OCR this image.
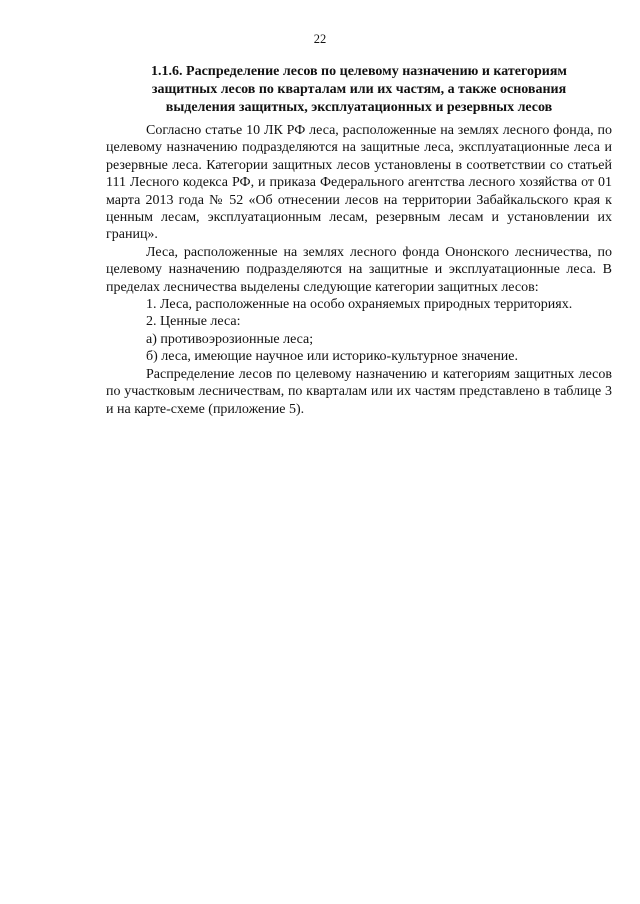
22
1.1.6. Распределение лесов по целевому назначению и категориям
защитных лесов по кварталам или их частям, а также основания
выделения защитных, эксплуатационных и резервных лесов

Согласно статье 10 ЛК РФ леса, расположенные на землях лесного фонда, по целевому назначению подразделяются на защитные леса, эксплуатационные леса и резервные леса. Категории защитных лесов установлены в соответствии со статьей 111 Лесного кодекса РФ, и приказа Федерального агентства лесного хозяйства от 01 марта 2013 года № 52 «Об отнесении лесов на территории Забайкальского края к ценным лесам, эксплуатационным лесам, резервным лесам и установлении их границ».

Леса, расположенные на землях лесного фонда Ононского лесничества, по целевому назначению подразделяются на защитные и эксплуатационные леса. В пределах лесничества выделены следующие категории защитных лесов:

1. Леса, расположенные на особо охраняемых природных территориях.

2. Ценные леса:

а) противоэрозионные леса;

б) леса, имеющие научное или историко-культурное значение.

Распределение лесов по целевому назначению и категориям защитных лесов по участковым лесничествам, по кварталам или их частям представлено в таблице 3 и на карте-схеме (приложение 5).
